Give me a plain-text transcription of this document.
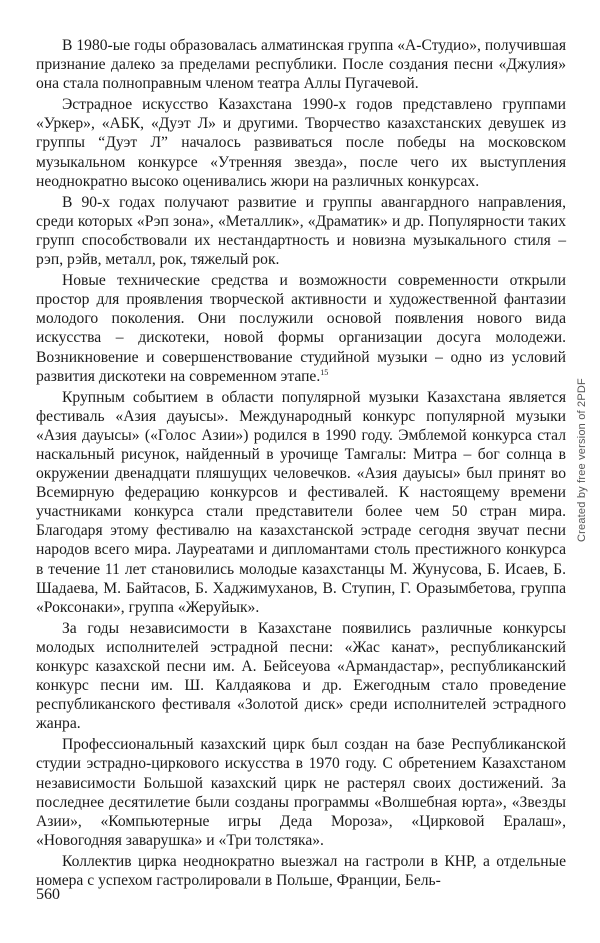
В 1980-ые годы образовалась алматинская группа «А-Студио», получившая признание далеко за пределами республики. После создания песни «Джулия» она стала полноправным членом театра Аллы Пугачевой.

Эстрадное искусство Казахстана 1990-х годов представлено группами «Уркер», «АБК, «Дуэт Л» и другими. Творчество казахстанских девушек из группы “Дуэт Л” началось развиваться после победы на московском музыкальном конкурсе «Утренняя звезда», после чего их выступления неоднократно высоко оценивались жюри на различных конкурсах.

В 90-х годах получают развитие и группы авангардного направления, среди которых «Рэп зона», «Металлик», «Драматик» и др. Популярности таких групп способствовали их нестандартность и новизна музыкального стиля – рэп, рэйв, металл, рок, тяжелый рок.

Новые технические средства и возможности современности открыли простор для проявления творческой активности и художественной фантазии молодого поколения. Они послужили основой появления нового вида искусства – дискотеки, новой формы организации досуга молодежи. Возникновение и совершенствование студийной музыки – одно из условий развития дискотеки на современном этапе.$^{15}$

Крупным событием в области популярной музыки Казахстана является фестиваль «Азия дауысы». Международный конкурс популярной музыки «Азия дауысы» («Голос Азии») родился в 1990 году. Эмблемой конкурса стал наскальный рисунок, найденный в урочище Тамгалы: Митра – бог солнца в окружении двенадцати пляшущих человечков. «Азия дауысы» был принят во Всемирную федерацию конкурсов и фестивалей. К настоящему времени участниками конкурса стали представители более чем 50 стран мира. Благодаря этому фестивалю на казахстанской эстраде сегодня звучат песни народов всего мира. Лауреатами и дипломантами столь престижного конкурса в течение 11 лет становились молодые казахстанцы М. Жунусова, Б. Исаев, Б. Шадаева, М. Байтасов, Б. Хаджимуханов, В. Ступин, Г. Оразымбетова, группа «Роксонаки», группа «Жеруйык».

За годы независимости в Казахстане появились различные конкурсы молодых исполнителей эстрадной песни: «Жас канат», республиканский конкурс казахской песни им. А. Бейсеуова «Армандастар», республиканский конкурс песни им. Ш. Калдаякова и др. Ежегодным стало проведение республиканского фестиваля «Золотой диск» среди исполнителей эстрадного жанра.

Профессиональный казахский цирк был создан на базе Республиканской студии эстрадно-циркового искусства в 1970 году. С обретением Казахстаном независимости Большой казахский цирк не растерял своих достижений. За последнее десятилетие были созданы программы «Волшебная юрта», «Звезды Азии», «Компьютерные игры Деда Мороза», «Цирковой Ералаш», «Новогодняя заварушка» и «Три толстяка».

Коллектив цирка неоднократно выезжал на гастроли в КНР, а отдельные номера с успехом гастролировали в Польше, Франции, Бель-

560
Created by free version of 2PDF
